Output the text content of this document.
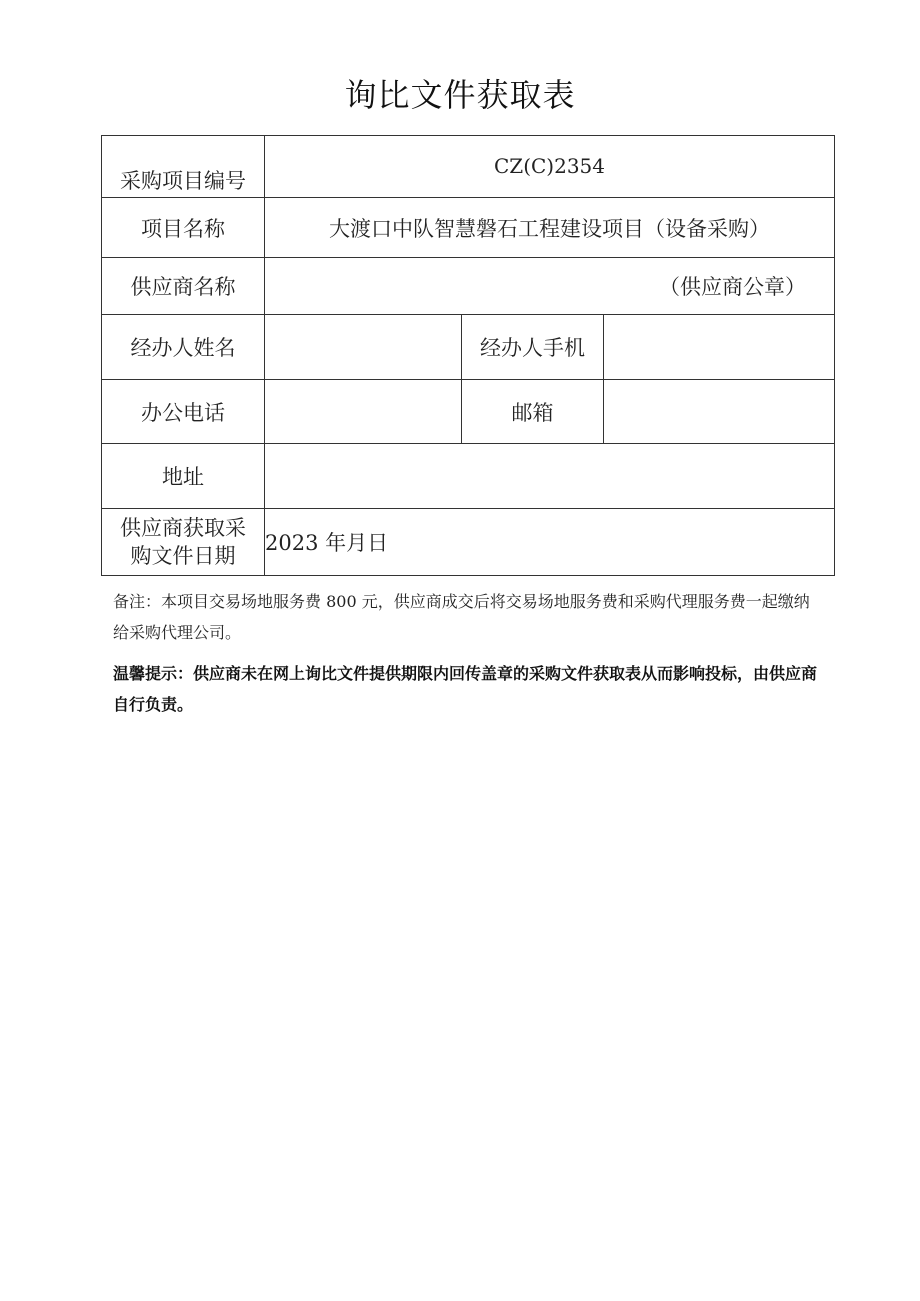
询比文件获取表
采购项目编号	CZ(C)2354		
项目名称	大渡口中队智慧磐石工程建设项目（设备采购）		
供应商名称	（供应商公章）		
经办人姓名		经办人手机	
办公电话		邮箱	
地址			

供应商获取采
购文件日期	2023 年月日		
备注：本项目交易场地服务费 800 元，供应商成交后将交易场地服务费和采购代理服务费一起缴纳给采购代理公司。
温馨提示：供应商未在网上询比文件提供期限内回传盖章的采购文件获取表从而影响投标，由供应商自行负责。
